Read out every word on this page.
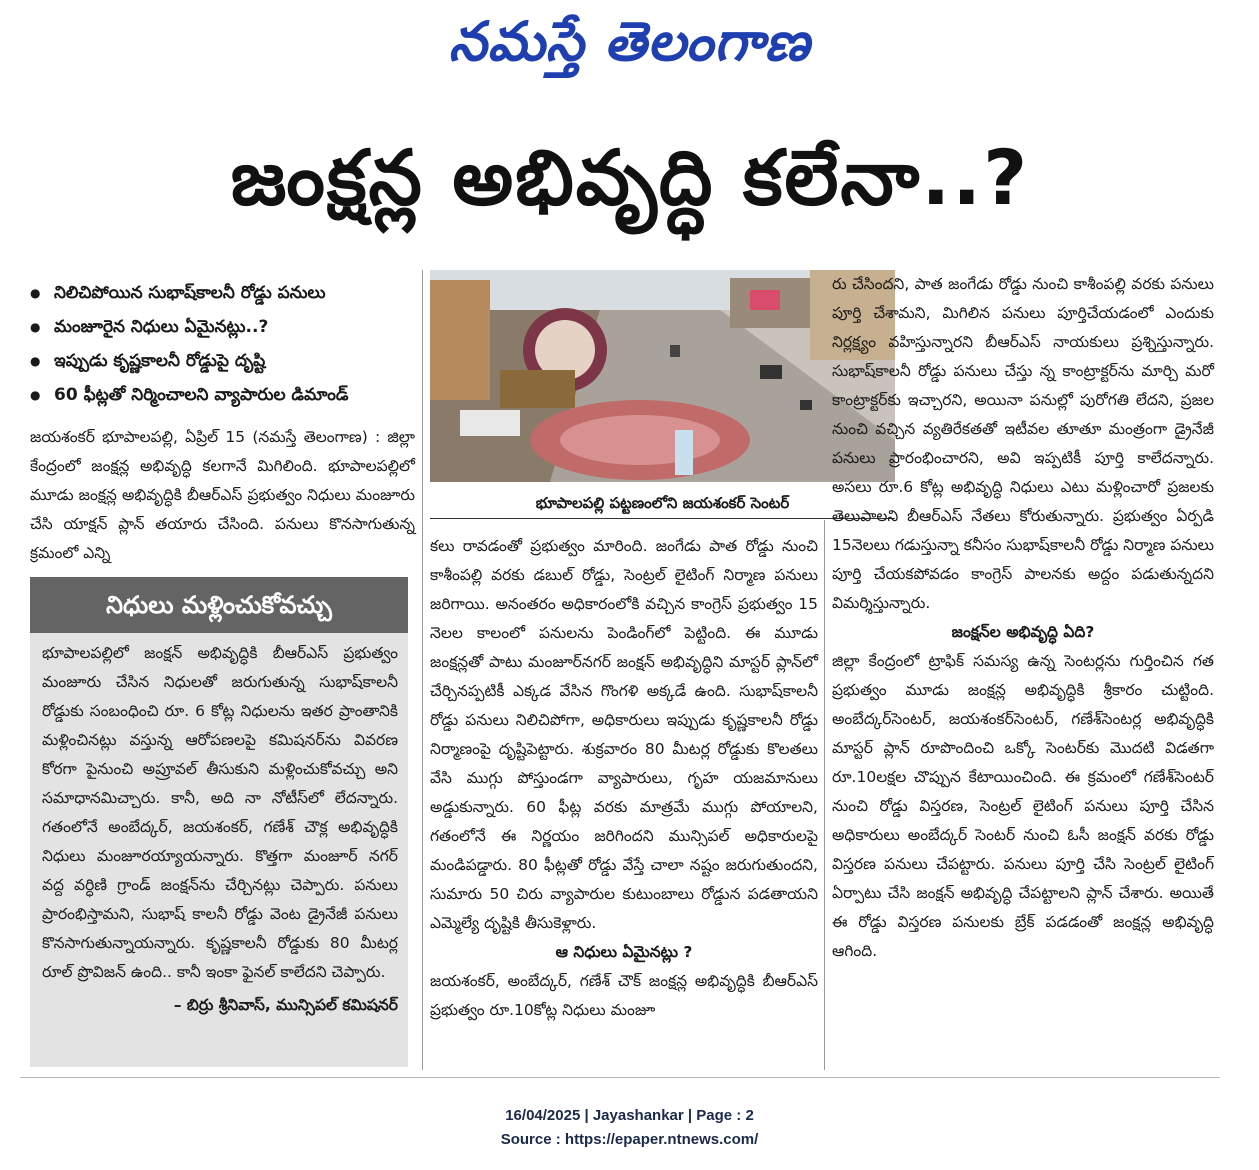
నమస్తే తెలంగాణ
జంక్షన్ల అభివృద్ధి కలేనా..?
● నిలిచిపోయిన సుభాష్‌కాలనీ రోడ్డు పనులు
● మంజూరైన నిధులు ఏమైనట్లు..?
● ఇప్పుడు కృష్ణకాలనీ రోడ్డుపై దృష్టి
● 60 ఫీట్లతో నిర్మించాలని వ్యాపారుల డిమాండ్

జయశంకర్ భూపాలపల్లి, ఏప్రిల్ 15 (నమస్తే తెలంగాణ) : జిల్లా కేంద్రంలో జంక్షన్ల అభివృద్ధి కలగానే మిగిలింది. భూపాలపల్లిలో మూడు జంక్షన్ల అభివృద్ధికి బీఆర్‌ఎస్ ప్రభుత్వం నిధులు మంజూరు చేసి యాక్షన్ ప్లాన్ తయారు చేసింది. పనులు కొనసాగుతున్న క్రమంలో ఎన్ని

నిధులు మళ్లించుకోవచ్చు

భూపాలపల్లిలో జంక్షన్ అభివృద్ధికి బీఆర్‌ఎస్ ప్రభుత్వం మంజూరు చేసిన నిధులతో జరుగుతున్న సుభాష్‌కాలనీ రోడ్డుకు సంబంధించి రూ. 6 కోట్ల నిధులను ఇతర ప్రాంతానికి మళ్లించినట్లు వస్తున్న ఆరోపణలపై కమిషనర్‌ను వివరణ కోరగా పైనుంచి అప్రూవల్ తీసుకుని మళ్లించుకోవచ్చు అని సమాధానమిచ్చారు. కానీ, అది నా నోటీస్‌లో లేదన్నారు. గతంలోనే అంబేద్కర్, జయశంకర్, గణేశ్ చౌక్ల అభివృద్ధికి నిధులు మంజూరయ్యాయన్నారు. కొత్తగా మంజూర్ నగర్ వద్ద వర్ధిణి గ్రాండ్ జంక్షన్‌ను చేర్చినట్లు చెప్పారు. పనులు ప్రారంభిస్తామని, సుభాష్ కాలనీ రోడ్డు వెంట డ్రైనేజీ పనులు కొనసాగుతున్నాయన్నారు. కృష్ణకాలనీ రోడ్డుకు 80 మీటర్ల రూల్ ప్రొవిజన్ ఉంది.. కానీ ఇంకా ఫైనల్ కాలేదని చెప్పారు.

– బిర్రు శ్రీనివాస్, మున్సిపల్ కమిషనర్
భూపాలపల్లి పట్టణంలోని జయశంకర్ సెంటర్

కలు రావడంతో ప్రభుత్వం మారింది. జంగేడు పాత రోడ్డు నుంచి కాశీంపల్లి వరకు డబుల్ రోడ్డు, సెంట్రల్ లైటింగ్ నిర్మాణ పనులు జరిగాయి. అనంతరం అధికారంలోకి వచ్చిన కాంగ్రెస్ ప్రభుత్వం 15 నెలల కాలంలో పనులను పెండింగ్‌లో పెట్టింది. ఈ మూడు జంక్షన్లతో పాటు మంజూర్‌నగర్ జంక్షన్ అభివృద్ధిని మాస్టర్ ప్లాన్‌లో చేర్చినప్పటికీ ఎక్కడ వేసిన గొంగళి అక్కడే ఉంది. సుభాష్‌కాలనీ రోడ్డు పనులు నిలిచిపోగా, అధికారులు ఇప్పుడు కృష్ణకాలనీ రోడ్డు నిర్మాణంపై దృష్టిపెట్టారు. శుక్రవారం 80 మీటర్ల రోడ్డుకు కొలతలు వేసి ముగ్గు పోస్తుండగా వ్యాపారులు, గృహ యజమానులు అడ్డుకున్నారు. 60 ఫీట్ల వరకు మాత్రమే ముగ్గు పోయాలని, గతంలోనే ఈ నిర్ణయం జరిగిందని మున్సిపల్ అధికారులపై మండిపడ్డారు. 80 ఫీట్లతో రోడ్డు వేస్తే చాలా నష్టం జరుగుతుందని, సుమారు 50 చిరు వ్యాపారుల కుటుంబాలు రోడ్డున పడతాయని ఎమ్మెల్యే దృష్టికి తీసుకెళ్లారు.

ఆ నిధులు ఏమైనట్లు ?

జయశంకర్, అంబేద్కర్, గణేశ్ చౌక్ జంక్షన్ల అభివృద్ధికి బీఆర్‌ఎస్ ప్రభుత్వం రూ.10కోట్ల నిధులు మంజూ

రు చేసిందని, పాత జంగేడు రోడ్డు నుంచి కాశీంపల్లి వరకు పనులు పూర్తి చేశామని, మిగిలిన పనులు పూర్తిచేయడంలో ఎందుకు నిర్లక్ష్యం వహిస్తున్నారని బీఆర్‌ఎస్ నాయకులు ప్రశ్నిస్తున్నారు. సుభాష్‌కాలనీ రోడ్డు పనులు చేస్తు న్న కాంట్రాక్టర్‌ను మార్చి మరో కాంట్రాక్టర్‌కు ఇచ్చారని, అయినా పనుల్లో పురోగతి లేదని, ప్రజల నుంచి వచ్చిన వ్యతిరేకతతో ఇటీవల తూతూ మంత్రంగా డ్రైనేజీ పనులు ప్రారంభించారని, అవి ఇప్పటికీ పూర్తి కాలేదన్నారు. అసలు రూ.6 కోట్ల అభివృద్ధి నిధులు ఎటు మళ్లించారో ప్రజలకు తెలుపాలని బీఆర్‌ఎస్ నేతలు కోరుతున్నారు. ప్రభుత్వం ఏర్పడి 15నెలలు గడుస్తున్నా కనీసం సుభాష్‌కాలనీ రోడ్డు నిర్మాణ పనులు పూర్తి చేయకపోవడం కాంగ్రెస్ పాలనకు అద్దం పడుతున్నదని విమర్శిస్తున్నారు.

జంక్షన్‌ల అభివృద్ధి ఏది?

జిల్లా కేంద్రంలో ట్రాఫిక్ సమస్య ఉన్న సెంటర్లను గుర్తించిన గత ప్రభుత్వం మూడు జంక్షన్ల అభివృద్ధికి శ్రీకారం చుట్టింది. అంబేద్కర్‌సెంటర్, జయశంకర్‌సెంటర్, గణేశ్‌సెంటర్ల అభివృద్ధికి మాస్టర్ ప్లాన్ రూపొందించి ఒక్కో సెంటర్‌కు మొదటి విడతగా రూ.10లక్షల చొప్పున కేటాయించింది. ఈ క్రమంలో గణేశ్‌సెంటర్ నుంచి రోడ్డు విస్తరణ, సెంట్రల్ లైటింగ్ పనులు పూర్తి చేసిన అధికారులు అంబేద్కర్ సెంటర్ నుంచి ఓసీ జంక్షన్ వరకు రోడ్డు విస్తరణ పనులు చేపట్టారు. పనులు పూర్తి చేసి సెంట్రల్ లైటింగ్ ఏర్పాటు చేసి జంక్షన్ అభివృద్ధి చేపట్టాలని ప్లాన్ చేశారు. అయితే ఈ రోడ్డు విస్తరణ పనులకు బ్రేక్ పడడంతో జంక్షన్ల అభివృద్ధి ఆగింది.

16/04/2025 | Jayashankar | Page : 2
Source : https://epaper.ntnews.com/
